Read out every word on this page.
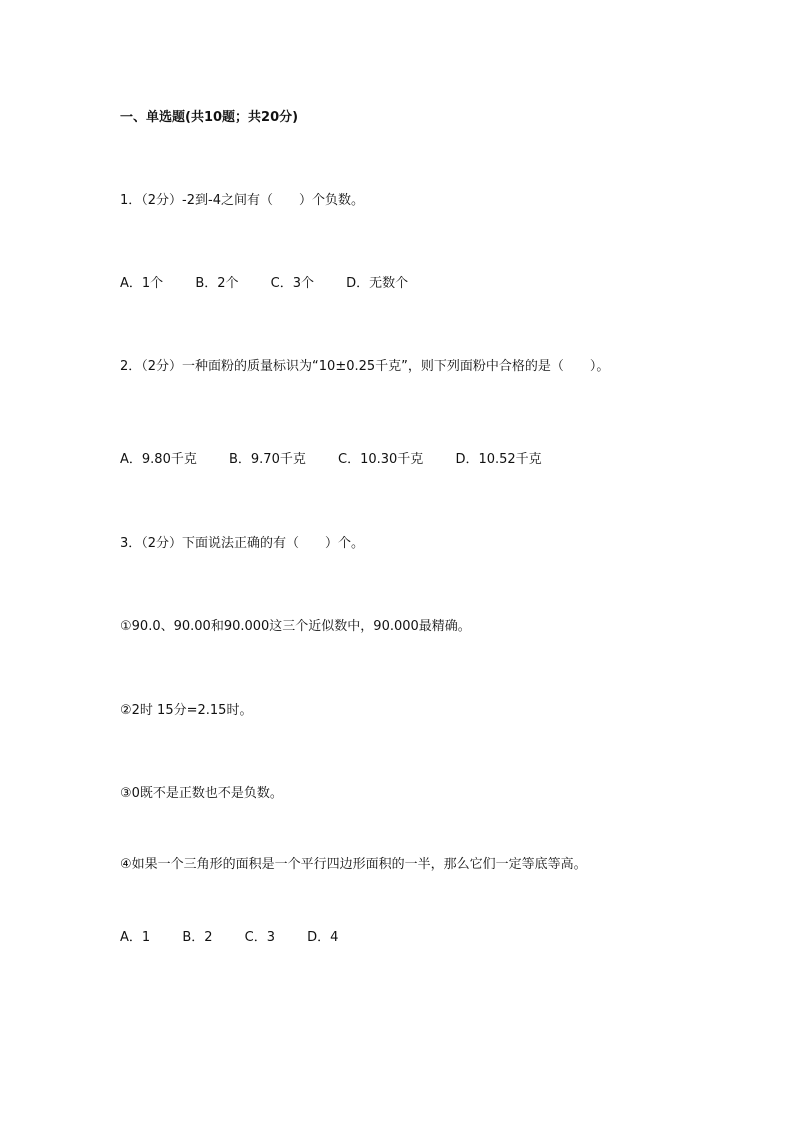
一、单选题(共10题；共20分)
1．（2分）-2到-4之间有（　　）个负数。
A．1个 B．2个 C．3个 D．无数个
2．（2分）一种面粉的质量标识为“10±0.25千克”，则下列面粉中合格的是（　　）。
A．9.80千克 B．9.70千克 C．10.30千克 D．10.52千克
3．（2分）下面说法正确的有（　　）个。
①90.0、90.00和90.000这三个近似数中，90.000最精确。
②2时 15分=2.15时。
③0既不是正数也不是负数。
④如果一个三角形的面积是一个平行四边形面积的一半，那么它们一定等底等高。
A．1 B．2 C．3 D．4
